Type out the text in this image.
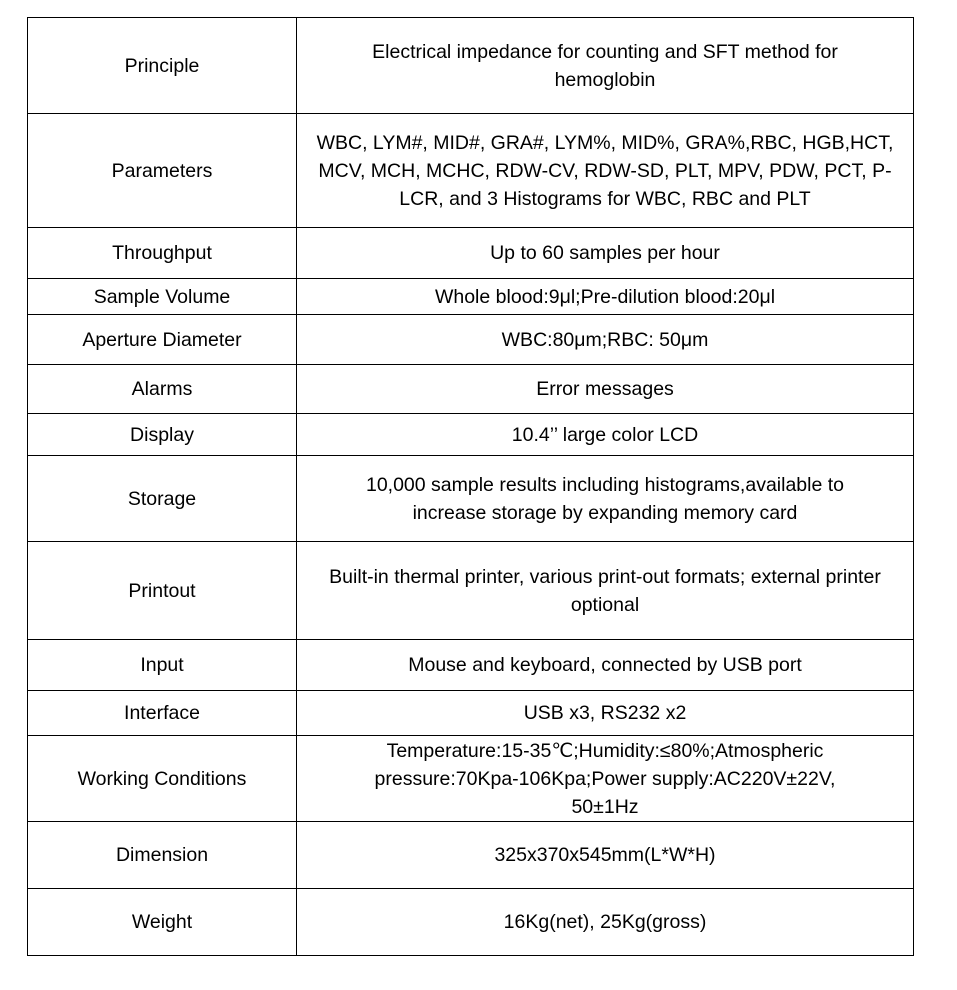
Principle	Electrical impedance for counting and SFT method for hemoglobin
Parameters	WBC, LYM#, MID#, GRA#, LYM%, MID%, GRA%,RBC, HGB,HCT, MCV, MCH, MCHC, RDW-CV, RDW-SD, PLT, MPV, PDW, PCT, P-LCR, and 3 Histograms for WBC, RBC and PLT
Throughput	Up to 60 samples per hour
Sample Volume	Whole blood:9μl;Pre-dilution blood:20μl
Aperture Diameter	WBC:80μm;RBC: 50μm
Alarms	Error messages
Display	10.4’’ large color LCD
Storage	10,000 sample results including histograms,available to increase storage by expanding memory card
Printout	Built-in thermal printer, various print-out formats; external printer optional
Input	Mouse and keyboard, connected by USB port
Interface	USB x3, RS232 x2
Working Conditions	Temperature:15-35℃;Humidity:≤80%;Atmospheric pressure:70Kpa-106Kpa;Power supply:AC220V±22V, 50±1Hz
Dimension	325x370x545mm(L*W*H)
Weight	16Kg(net), 25Kg(gross)
